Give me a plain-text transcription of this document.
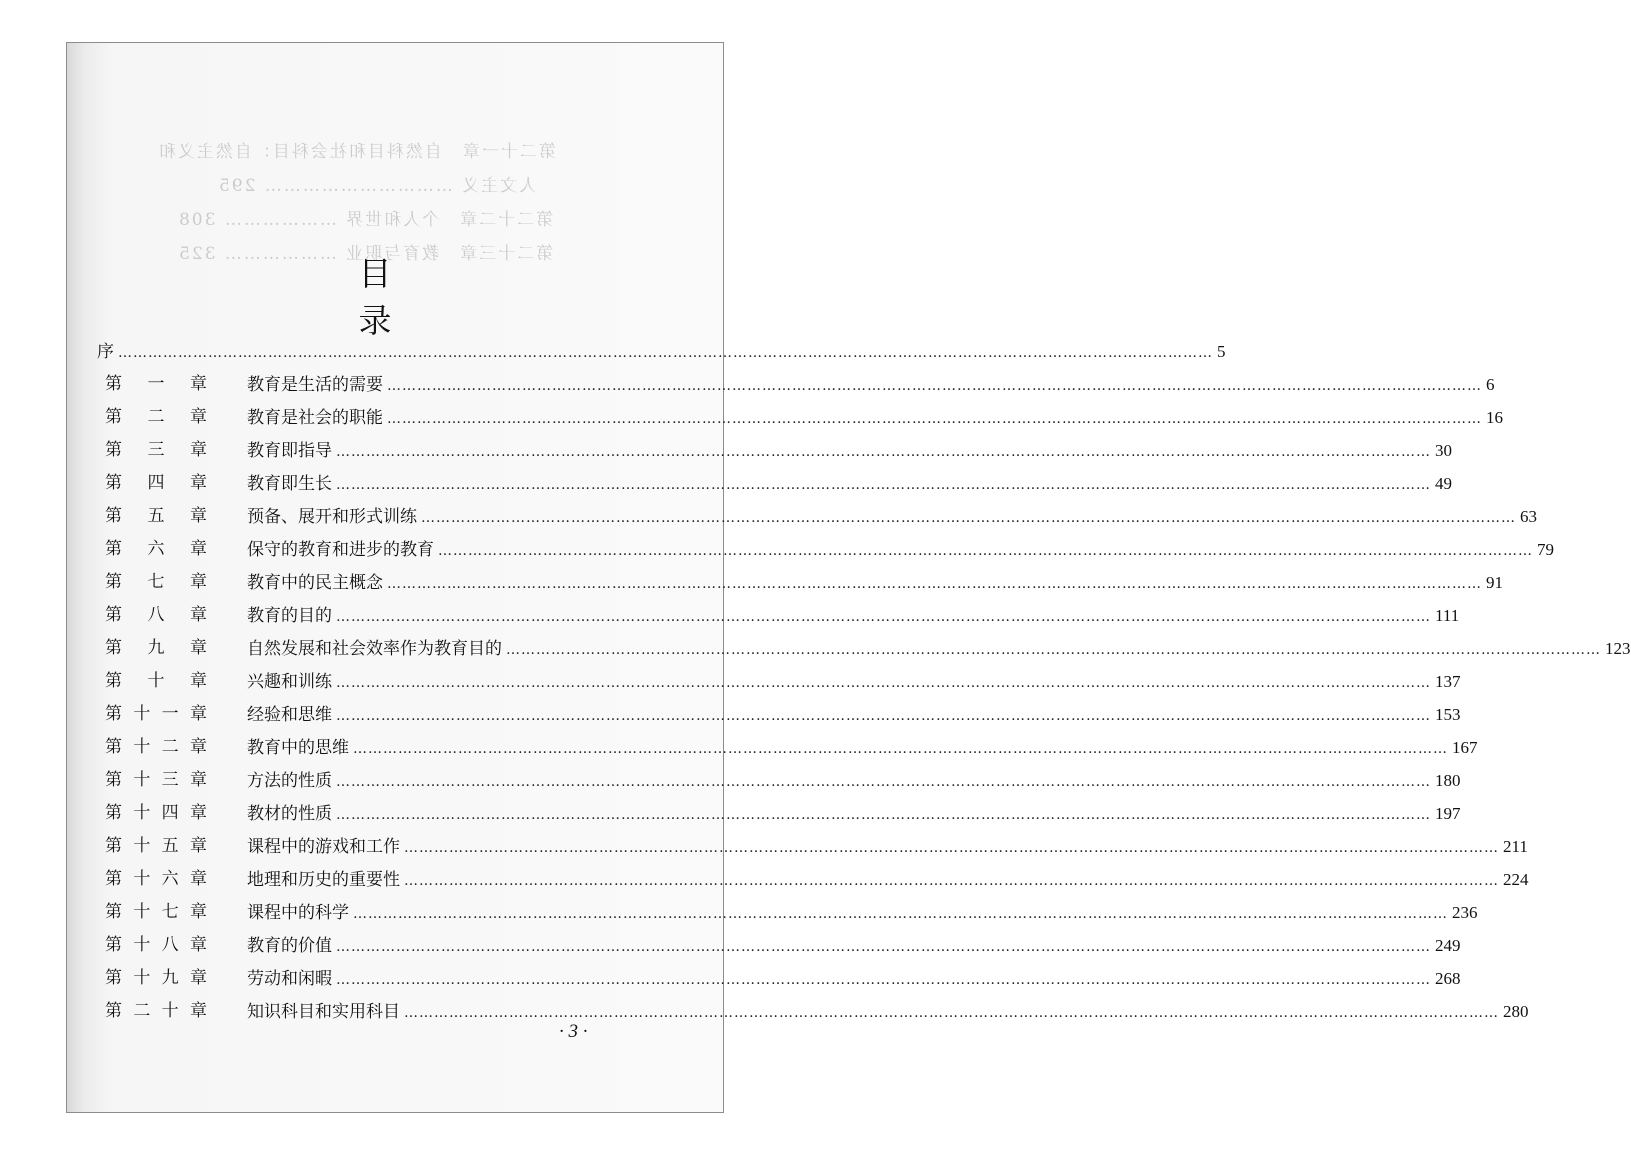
第二十一章　自然科目和社会科目：自然主义和
人文主义 ………………………… 295
第二十二章　个人和世界 ……………… 308
第二十三章　教育与职业 ……………… 325
目 录
序 ………………………………………………………………………………………………………………………………………………………………………………………………… 5
第 一 章 教育是生活的需要 ………………………………………………………………………………………………………………………………………………………………………………………………… 6
第 二 章 教育是社会的职能 ………………………………………………………………………………………………………………………………………………………………………………………………… 16
第 三 章 教育即指导 ………………………………………………………………………………………………………………………………………………………………………………………………… 30
第 四 章 教育即生长 ………………………………………………………………………………………………………………………………………………………………………………………………… 49
第 五 章 预备、展开和形式训练 ………………………………………………………………………………………………………………………………………………………………………………………………… 63
第 六 章 保守的教育和进步的教育 ………………………………………………………………………………………………………………………………………………………………………………………………… 79
第 七 章 教育中的民主概念 ………………………………………………………………………………………………………………………………………………………………………………………………… 91
第 八 章 教育的目的 ………………………………………………………………………………………………………………………………………………………………………………………………… 111
第 九 章 自然发展和社会效率作为教育目的 ………………………………………………………………………………………………………………………………………………………………………………………………… 123
第 十 章 兴趣和训练 ………………………………………………………………………………………………………………………………………………………………………………………………… 137
第 十 一 章 经验和思维 ………………………………………………………………………………………………………………………………………………………………………………………………… 153
第 十 二 章 教育中的思维 ………………………………………………………………………………………………………………………………………………………………………………………………… 167
第 十 三 章 方法的性质 ………………………………………………………………………………………………………………………………………………………………………………………………… 180
第 十 四 章 教材的性质 ………………………………………………………………………………………………………………………………………………………………………………………………… 197
第 十 五 章 课程中的游戏和工作 ………………………………………………………………………………………………………………………………………………………………………………………………… 211
第 十 六 章 地理和历史的重要性 ………………………………………………………………………………………………………………………………………………………………………………………………… 224
第 十 七 章 课程中的科学 ………………………………………………………………………………………………………………………………………………………………………………………………… 236
第 十 八 章 教育的价值 ………………………………………………………………………………………………………………………………………………………………………………………………… 249
第 十 九 章 劳动和闲暇 ………………………………………………………………………………………………………………………………………………………………………………………………… 268
第 二 十 章 知识科目和实用科目 ………………………………………………………………………………………………………………………………………………………………………………………………… 280
· 3 ·
